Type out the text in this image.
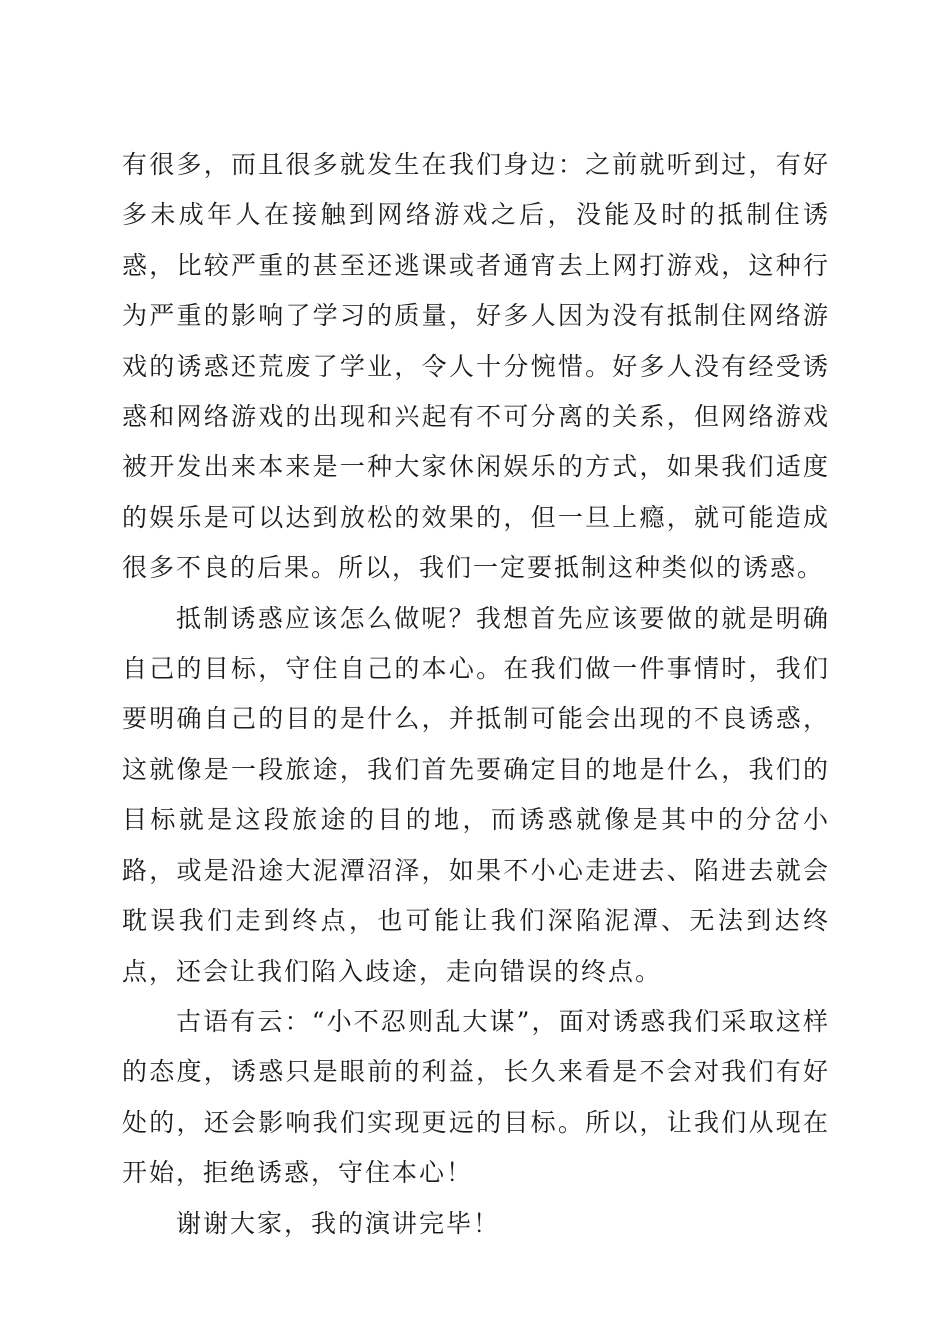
有很多，而且很多就发生在我们身边：之前就听到过，有好多未成年人在接触到网络游戏之后，没能及时的抵制住诱惑，比较严重的甚至还逃课或者通宵去上网打游戏，这种行为严重的影响了学习的质量，好多人因为没有抵制住网络游戏的诱惑还荒废了学业，令人十分惋惜。好多人没有经受诱惑和网络游戏的出现和兴起有不可分离的关系，但网络游戏被开发出来本来是一种大家休闲娱乐的方式，如果我们适度的娱乐是可以达到放松的效果的，但一旦上瘾，就可能造成很多不良的后果。所以，我们一定要抵制这种类似的诱惑。

抵制诱惑应该怎么做呢？我想首先应该要做的就是明确自己的目标，守住自己的本心。在我们做一件事情时，我们要明确自己的目的是什么，并抵制可能会出现的不良诱惑，这就像是一段旅途，我们首先要确定目的地是什么，我们的目标就是这段旅途的目的地，而诱惑就像是其中的分岔小路，或是沿途大泥潭沼泽，如果不小心走进去、陷进去就会耽误我们走到终点，也可能让我们深陷泥潭、无法到达终点，还会让我们陷入歧途，走向错误的终点。

古语有云：“小不忍则乱大谋”，面对诱惑我们采取这样的态度，诱惑只是眼前的利益，长久来看是不会对我们有好处的，还会影响我们实现更远的目标。所以，让我们从现在开始，拒绝诱惑，守住本心！

谢谢大家，我的演讲完毕！
